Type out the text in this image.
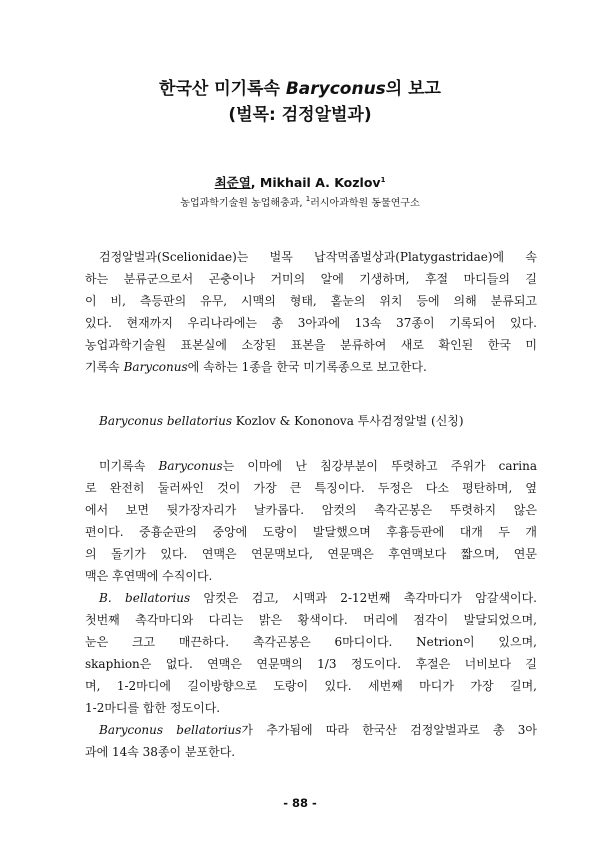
한국산 미기록속 Baryconus의 보고
(벌목: 검정알벌과)
최준열, Mikhail A. Kozlov$^1$
농업과학기술원 농업해충과, $^1$러시아과학원 동물연구소
검정알벌과(Scelionidae)는 벌목 납작먹좀벌상과(Platygastridae)에 속
하는 분류군으로서 곤충이나 거미의 알에 기생하며, 후절 마디들의 길
이 비, 측등판의 유무, 시맥의 형태, 홑눈의 위치 등에 의해 분류되고
있다. 현재까지 우리나라에는 총 3아과에 13속 37종이 기록되어 있다.
농업과학기술원 표본실에 소장된 표본을 분류하여 새로 확인된 한국 미
기록속 Baryconus에 속하는 1종을 한국 미기록종으로 보고한다.
Baryconus bellatorius Kozlov & Kononova 투사검정알벌 (신칭)
미기록속 Baryconus는 이마에 난 침강부분이 뚜렷하고 주위가 carina
로 완전히 둘러싸인 것이 가장 큰 특징이다. 두정은 다소 평탄하며, 옆
에서 보면 뒷가장자리가 날카롭다. 암컷의 촉각곤봉은 뚜렷하지 않은
편이다. 중흉순판의 중앙에 도랑이 발달했으며 후흉등판에 대개 두 개
의 돌기가 있다. 연맥은 연문맥보다, 연문맥은 후연맥보다 짧으며, 연문
맥은 후연맥에 수직이다.
B. bellatorius 암컷은 검고, 시맥과 2-12번째 촉각마디가 암갈색이다.
첫번째 촉각마디와 다리는 밝은 황색이다. 머리에 점각이 발달되었으며,
눈은 크고 매끈하다. 촉각곤봉은 6마디이다. Netrion이 있으며,
skaphion은 없다. 연맥은 연문맥의 1/3 정도이다. 후절은 너비보다 길
며, 1-2마디에 길이방향으로 도랑이 있다. 세번째 마디가 가장 길며,
1-2마디를 합한 정도이다.
Baryconus bellatorius가 추가됨에 따라 한국산 검정알벌과로 총 3아
과에 14속 38종이 분포한다.
- 88 -
